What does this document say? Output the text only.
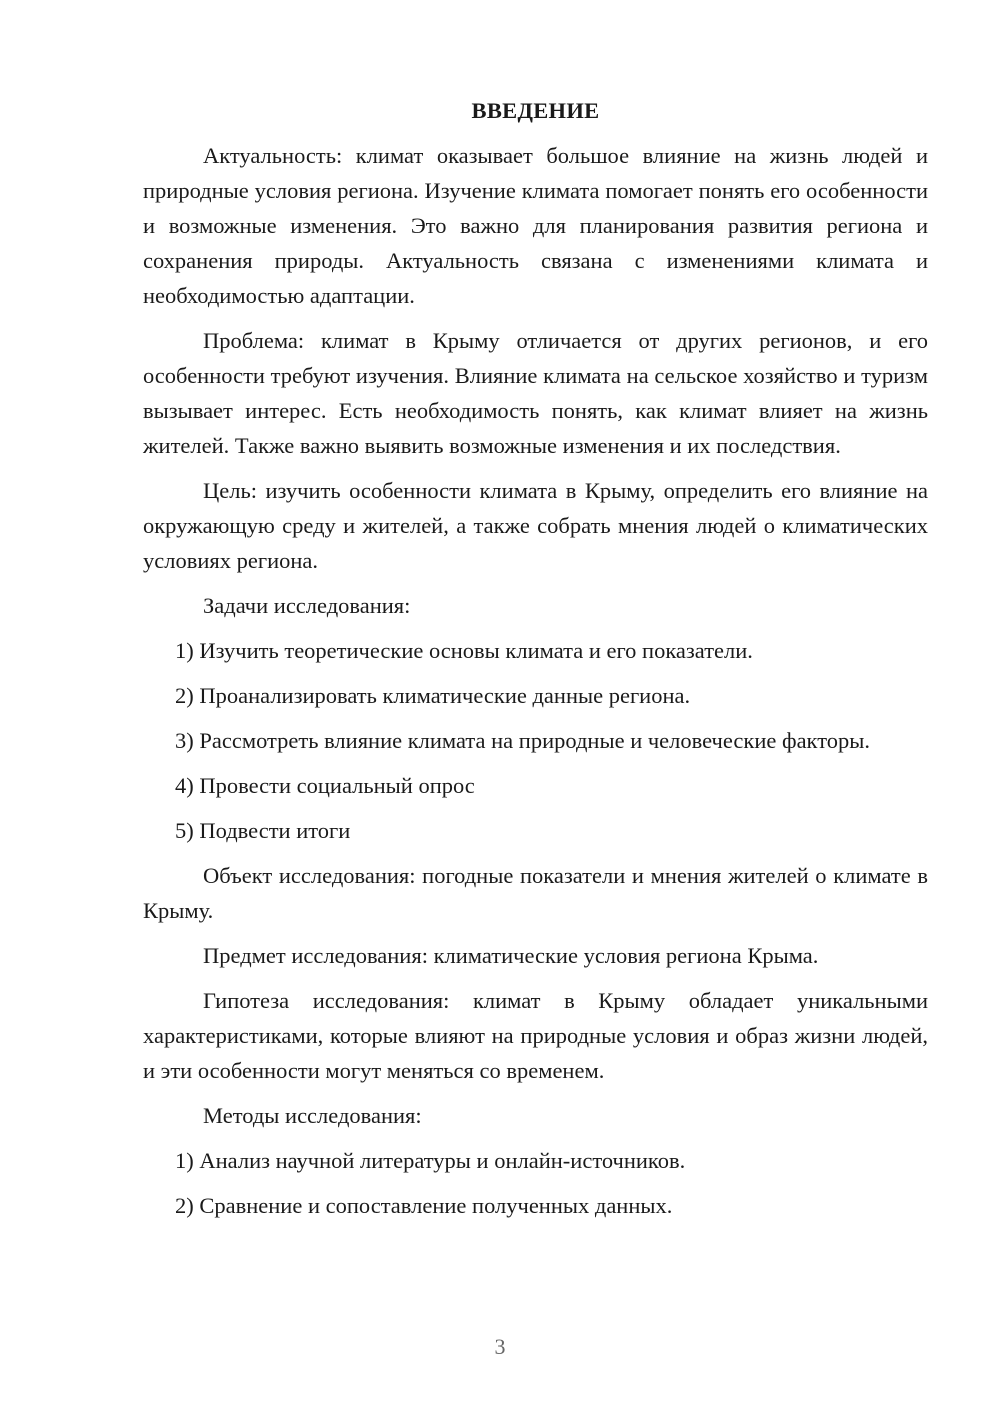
ВВЕДЕНИЕ

Актуальность: климат оказывает большое влияние на жизнь людей и природные условия региона. Изучение климата помогает понять его особенности и возможные изменения. Это важно для планирования развития региона и сохранения природы. Актуальность связана с изменениями климата и необходимостью адаптации.

Проблема: климат в Крыму отличается от других регионов, и его особенности требуют изучения. Влияние климата на сельское хозяйство и туризм вызывает интерес. Есть необходимость понять, как климат влияет на жизнь жителей. Также важно выявить возможные изменения и их последствия.

Цель: изучить особенности климата в Крыму, определить его влияние на окружающую среду и жителей, а также собрать мнения людей о климатических условиях региона.

Задачи исследования:

1) Изучить теоретические основы климата и его показатели.

2) Проанализировать климатические данные региона.

3) Рассмотреть влияние климата на природные и человеческие факторы.

4) Провести социальный опрос

5) Подвести итоги

Объект исследования: погодные показатели и мнения жителей о климате в Крыму.

Предмет исследования: климатические условия региона Крыма.

Гипотеза исследования: климат в Крыму обладает уникальными характеристиками, которые влияют на природные условия и образ жизни людей, и эти особенности могут меняться со временем.

Методы исследования:

1) Анализ научной литературы и онлайн-источников.

2) Сравнение и сопоставление полученных данных.

3
